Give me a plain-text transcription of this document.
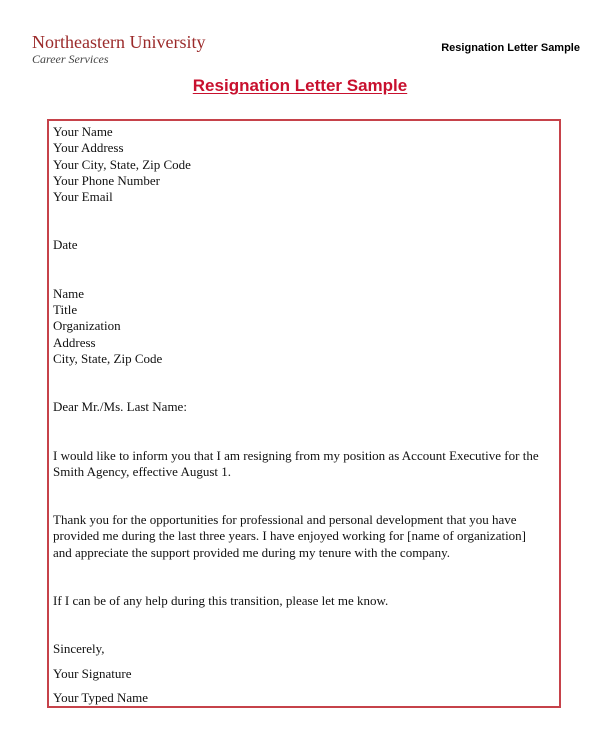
Northeastern University
Career Services
Resignation Letter Sample
Resignation Letter Sample
Your Name
Your Address
Your City, State, Zip Code
Your Phone Number
Your Email
Date
Name
Title
Organization
Address
City, State, Zip Code
Dear Mr./Ms. Last Name:
I would like to inform you that I am resigning from my position as Account Executive for the
Smith Agency, effective August 1.
Thank you for the opportunities for professional and personal development that you have
provided me during the last three years. I have enjoyed working for [name of organization]
and appreciate the support provided me during my tenure with the company.
If I can be of any help during this transition, please let me know.
Sincerely,
Your Signature
Your Typed Name
